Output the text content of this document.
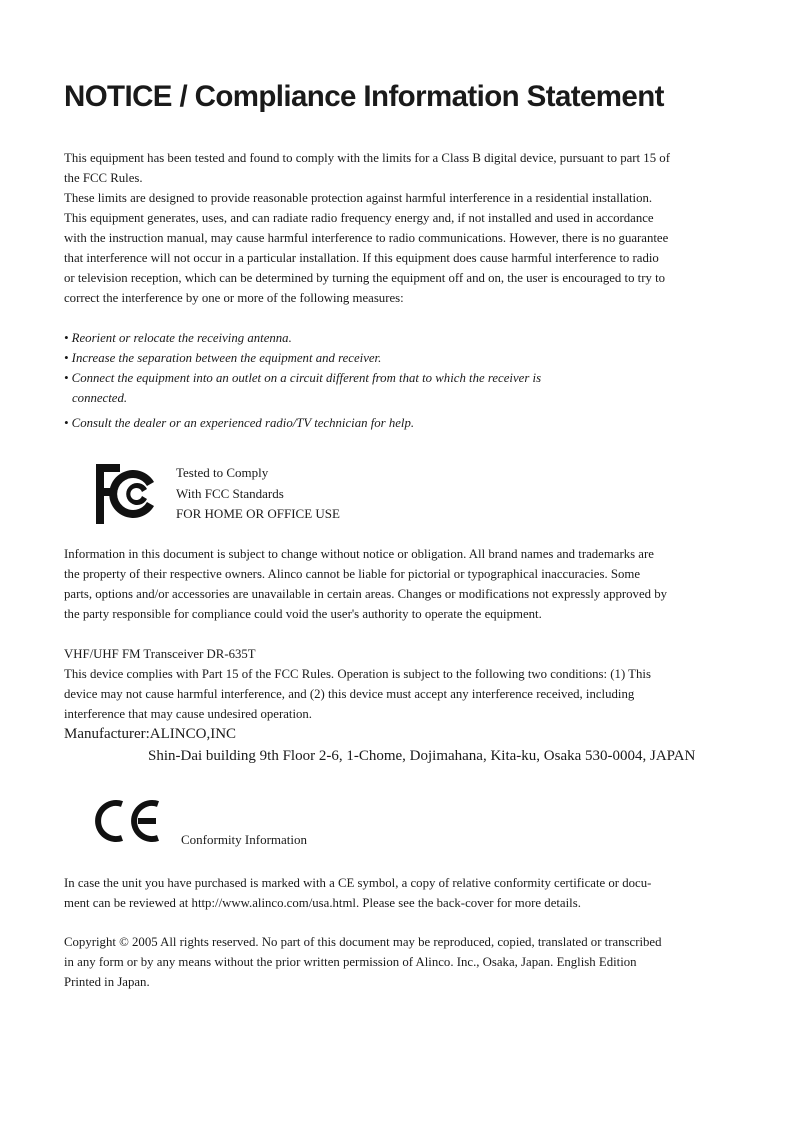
NOTICE / Compliance Information Statement
This equipment has been tested and found to comply with the limits for a Class B digital device, pursuant to part 15 of
the FCC Rules.
These limits are designed to provide reasonable protection against harmful interference in a residential installation.
This equipment generates, uses, and can radiate radio frequency energy and, if not installed and used in accordance
with the instruction manual, may cause harmful interference to radio communications. However, there is no guarantee
that interference will not occur in a particular installation. If this equipment does cause harmful interference to radio
or television reception, which can be determined by turning the equipment off and on, the user is encouraged to try to
correct the interference by one or more of the following measures:
• Reorient or relocate the receiving antenna.
• Increase the separation between the equipment and receiver.
• Connect the equipment into an outlet on a circuit different from that to which the receiver is
connected.
• Consult the dealer or an experienced radio/TV technician for help.
Tested to Comply
With FCC Standards
FOR HOME OR OFFICE USE
Information in this document is subject to change without notice or obligation. All brand names and trademarks are
the property of their respective owners. Alinco cannot be liable for pictorial or typographical inaccuracies. Some
parts, options and/or accessories are unavailable in certain areas. Changes or modifications not expressly approved by
the party responsible for compliance could void the user's authority to operate the equipment.
VHF/UHF FM Transceiver DR-635T
This device complies with Part 15 of the FCC Rules. Operation is subject to the following two conditions: (1) This
device may not cause harmful interference, and (2) this device must accept any interference received, including
interference that may cause undesired operation.
Manufacturer:ALINCO,INC
Shin-Dai building 9th Floor 2-6, 1-Chome, Dojimahana, Kita-ku, Osaka 530-0004, JAPAN
Conformity Information
In case the unit you have purchased is marked with a CE symbol, a copy of relative conformity certificate or docu-
ment can be reviewed at http://www.alinco.com/usa.html. Please see the back-cover for more details.
Copyright © 2005 All rights reserved. No part of this document may be reproduced, copied, translated or transcribed
in any form or by any means without the prior written permission of Alinco. Inc., Osaka, Japan. English Edition
Printed in Japan.
